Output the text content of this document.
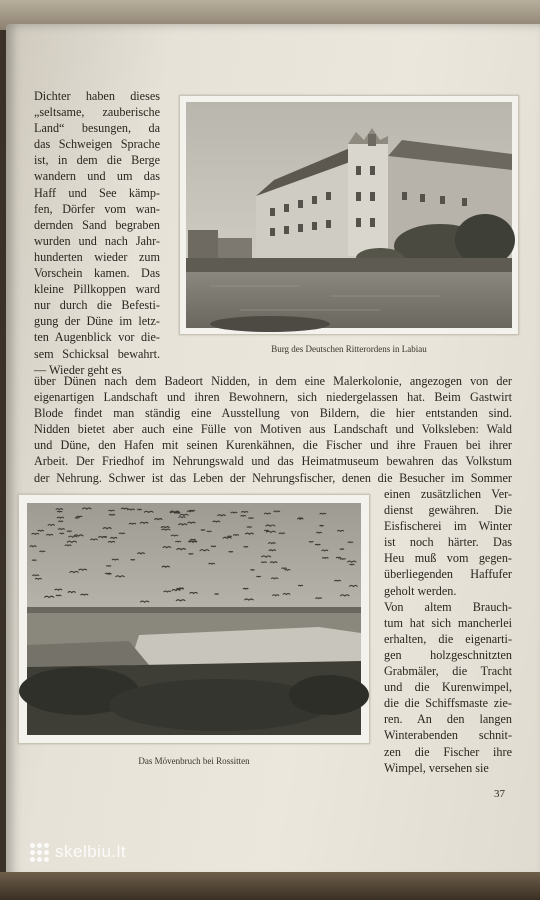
Dichter haben dieses
„seltsame, zauberische
Land“ besungen, da
das Schweigen Sprache
ist, in dem die Berge
wandern und um das
Haff und See kämp-
fen, Dörfer vom wan-
dernden Sand begraben
wurden und nach Jahr-
hunderten wieder zum
Vorschein kamen. Das
kleine Pillkoppen ward
nur durch die Befesti-
gung der Düne im letz-
ten Augenblick vor die-
sem Schicksal bewahrt.
— Wieder geht es
Burg des Deutschen Ritterordens in Labiau
über Dünen nach dem Badeort Nidden, in dem eine Malerkolonie, angezogen von der
eigenartigen Landschaft und ihren Bewohnern, sich niedergelassen hat. Beim Gastwirt
Blode findet man ständig eine Ausstellung von Bildern, die hier entstanden sind.
Nidden bietet aber auch eine Fülle von Motiven aus Landschaft und Volksleben: Wald
und Düne, den Hafen mit seinen Kurenkähnen, die Fischer und ihre Frauen bei ihrer
Arbeit. Der Friedhof im Nehrungswald und das Heimatmuseum bewahren das Volkstum
der Nehrung. Schwer ist das Leben der Nehrungsfischer, denen die Besucher im Sommer
Das Mövenbruch bei Rossitten
einen zusätzlichen Ver-
dienst gewähren. Die
Eisfischerei im Winter
ist noch härter. Das
Heu muß vom gegen-
überliegenden Haffufer
geholt werden.
Von altem Brauch-
tum hat sich mancherlei
erhalten, die eigenarti-
gen holzgeschnitzten
Grabmäler, die Tracht
und die Kurenwimpel,
die die Schiffsmaste zie-
ren. An den langen
Winterabenden schnit-
zen die Fischer ihre
Wimpel, versehen sie
37
skelbiu.lt
